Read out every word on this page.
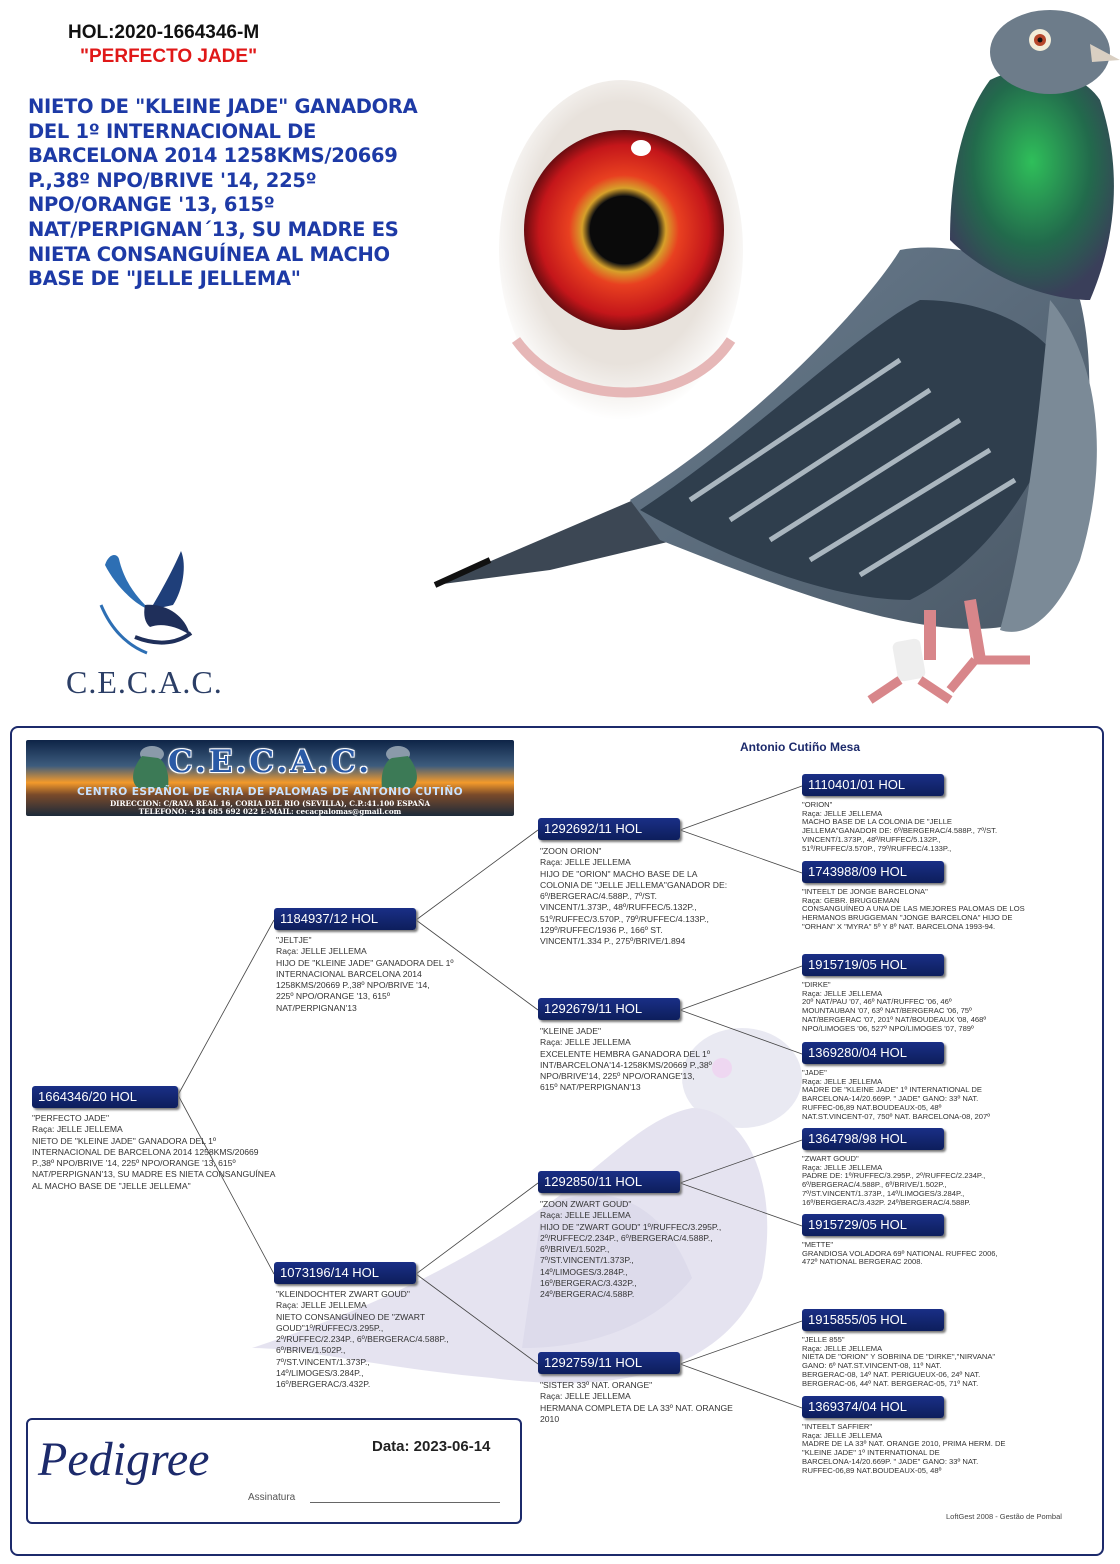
HOL:2020-1664346-M
"PERFECTO JADE"
NIETO DE "KLEINE JADE" GANADORA
DEL 1º INTERNACIONAL DE
BARCELONA 2014 1258KMS/20669
P.,38º NPO/BRIVE '14, 225º
NPO/ORANGE '13, 615º
NAT/PERPIGNAN´13, SU MADRE ES
NIETA CONSANGUÍNEA AL MACHO
BASE DE "JELLE JELLEMA"
C.E.C.A.C.
C.E.C.A.C.
CENTRO ESPAÑOL DE CRIA DE PALOMAS DE ANTONIO CUTIÑO
DIRECCION: C/RAYA REAL 16, CORIA DEL RIO (SEVILLA), C.P.:41.100 ESPAÑA
TELEFONO: +34 685 692 022 E-MAIL: cecacpalomas@gmail.com
Antonio Cutiño Mesa
1664346/20 HOL
"PERFECTO JADE"
Raça: JELLE JELLEMA
NIETO DE "KLEINE JADE" GANADORA DEL 1º
INTERNACIONAL DE BARCELONA 2014 1258KMS/20669
P.,38º NPO/BRIVE '14, 225º NPO/ORANGE '13, 615º
NAT/PERPIGNAN'13, SU MADRE ES NIETA CONSANGUÍNEA
AL MACHO BASE DE "JELLE JELLEMA"
1184937/12 HOL
"JELTJE"
Raça: JELLE JELLEMA
HIJO DE "KLEINE JADE" GANADORA DEL 1º
INTERNACIONAL BARCELONA 2014
1258KMS/20669 P.,38º NPO/BRIVE '14,
225º NPO/ORANGE '13, 615º
NAT/PERPIGNAN'13
1073196/14 HOL
"KLEINDOCHTER ZWART GOUD"
Raça: JELLE JELLEMA
NIETO CONSANGUÍNEO DE "ZWART
GOUD"1º/RUFFEC/3.295P.,
2º/RUFFEC/2.234P., 6º/BERGERAC/4.588P.,
6º/BRIVE/1.502P.,
7º/ST.VINCENT/1.373P.,
14º/LIMOGES/3.284P.,
16º/BERGERAC/3.432P.
1292692/11 HOL
"ZOON ORION"
Raça: JELLE JELLEMA
HIJO DE "ORION" MACHO BASE DE LA
COLONIA DE "JELLE JELLEMA"GANADOR DE:
6º/BERGERAC/4.588P., 7º/ST.
VINCENT/1.373P., 48º/RUFFEC/5.132P.,
51º/RUFFEC/3.570P., 79º/RUFFEC/4.133P.,
129º/RUFFEC/1936 P., 166º ST.
VINCENT/1.334 P., 275º/BRIVE/1.894
1292679/11 HOL
"KLEINE JADE"
Raça: JELLE JELLEMA
EXCELENTE HEMBRA GANADORA DEL 1º
INT/BARCELONA'14-1258KMS/20669 P.,38º
NPO/BRIVE'14, 225º NPO/ORANGE'13,
615º NAT/PERPIGNAN'13
1292850/11 HOL
"ZOON ZWART GOUD"
Raça: JELLE JELLEMA
HIJO DE "ZWART GOUD" 1º/RUFFEC/3.295P.,
2º/RUFFEC/2.234P., 6º/BERGERAC/4.588P.,
6º/BRIVE/1.502P.,
7º/ST.VINCENT/1.373P.,
14º/LIMOGES/3.284P.,
16º/BERGERAC/3.432P.,
24º/BERGERAC/4.588P.
1292759/11 HOL
"SISTER 33º NAT. ORANGE"
Raça: JELLE JELLEMA
HERMANA COMPLETA DE LA 33º NAT. ORANGE
2010
1110401/01 HOL
"ORION"
Raça: JELLE JELLEMA
MACHO BASE DE LA COLONIA DE "JELLE
JELLEMA"GANADOR DE: 6º/BERGERAC/4.588P., 7º/ST.
VINCENT/1.373P., 48º/RUFFEC/5.132P.,
51º/RUFFEC/3.570P., 79º/RUFFEC/4.133P.,
1743988/09 HOL
"INTEELT DE JONGE BARCELONA"
Raça: GEBR. BRUGGEMAN
CONSANGUÍNEO A UNA DE LAS MEJORES PALOMAS DE LOS
HERMANOS BRUGGEMAN "JONGE BARCELONA" HIJO DE
"ORHAN" X "MYRA" 5º Y 8º NAT. BARCELONA 1993-94.
1915719/05 HOL
"DIRKE"
Raça: JELLE JELLEMA
20º NAT/PAU '07, 46º NAT/RUFFEC '06, 46º
MOUNTAUBAN '07, 63º NAT/BERGERAC '06, 75º
NAT/BERGERAC '07, 201º NAT/BOUDEAUX '08, 468º
NPO/LIMOGES '06, 527º NPO/LIMOGES '07, 789º
1369280/04 HOL
"JADE"
Raça: JELLE JELLEMA
MADRE DE "KLEINE JADE" 1º INTERNATIONAL DE
BARCELONA-14/20.669P. " JADE" GANO: 33º NAT.
RUFFEC-06,89 NAT.BOUDEAUX-05, 48º
NAT.ST.VINCENT-07, 750º NAT. BARCELONA-08, 207º
1364798/98 HOL
"ZWART GOUD"
Raça: JELLE JELLEMA
PADRE DE: 1º/RUFFEC/3.295P., 2º/RUFFEC/2.234P.,
6º/BERGERAC/4.588P., 6º/BRIVE/1.502P.,
7º/ST.VINCENT/1.373P., 14º/LIMOGES/3.284P.,
16º/BERGERAC/3.432P. 24º/BERGERAC/4.588P.
1915729/05 HOL
"METTE"
GRANDIOSA VOLADORA 69º NATIONAL RUFFEC 2006,
472º NATIONAL BERGERAC 2008.
1915855/05 HOL
"JELLE 855"
Raça: JELLE JELLEMA
NIETA DE "ORION" Y SOBRINA DE "DIRKE","NIRVANA"
GANO: 6º NAT.ST.VINCENT-08, 11º NAT.
BERGERAC-08, 14º NAT. PERIGUEUX-06, 24º NAT.
BERGERAC-06, 44º NAT. BERGERAC-05, 71º NAT.
1369374/04 HOL
"INTEELT SAFFIER"
Raça: JELLE JELLEMA
MADRE DE LA 33º NAT. ORANGE 2010, PRIMA HERM. DE
"KLEINE JADE" 1º INTERNATIONAL DE
BARCELONA-14/20.669P. " JADE" GANO: 33º NAT.
RUFFEC-06,89 NAT.BOUDEAUX-05, 48º
Pedigree	Data: 2023-06-14
Assinatura
LoftGest 2008 - Gestão de Pombal
